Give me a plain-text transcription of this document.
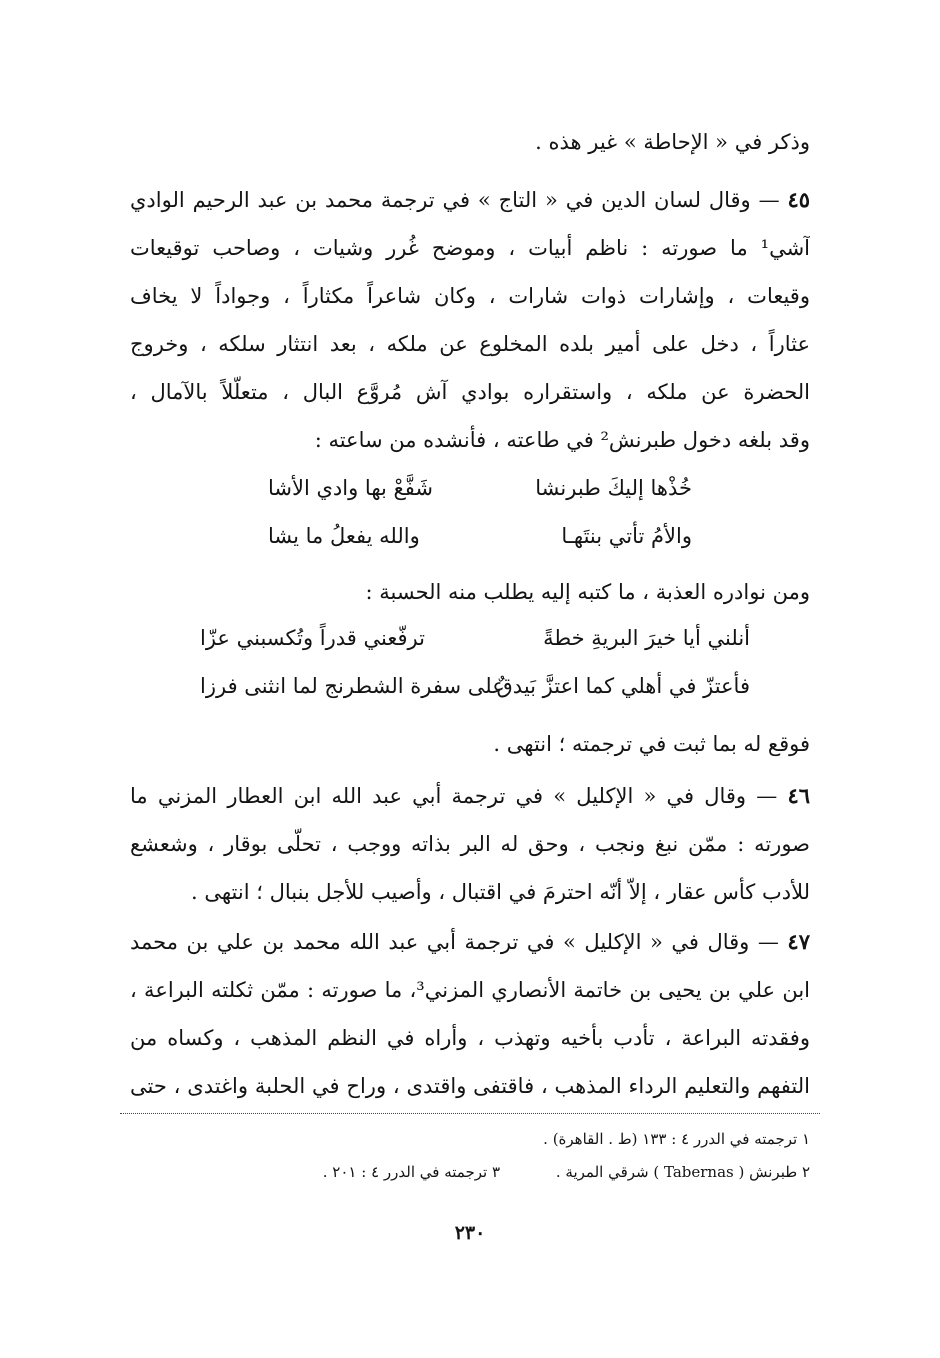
وذكر في « الإحاطة » غير هذه .
٤٥ — وقال لسان الدين في « التاج » في ترجمة محمد بن عبد الرحيم الوادي
آشي¹ ما صورته : ناظم أبيات ، وموضح غُرر وشيات ، وصاحب توقيعات
وقيعات ، وإشارات ذوات شارات ، وكان شاعراً مكثاراً ، وجواداً لا يخاف
عثاراً ، دخل على أمير بلده المخلوع عن ملكه ، بعد انتثار سلكه ، وخروج
الحضرة عن ملكه ، واستقراره بوادي آش مُروَّع البال ، متعلّلاً بالآمال ،
وقد بلغه دخول طبرنش² في طاعته ، فأنشده من ساعته :
خُذْها إليكَ طبرنشا
شَفَّعْ بها وادي الأشا
والأمُ تأتي بنتَهـا
والله يفعلُ ما يشا
ومن نوادره العذبة ، ما كتبه إليه يطلب منه الحسبة :
أنلني أيا خيرَ البريةِ خطةً
ترفّعني قدراً وتُكسبني عزّا
فأعتزّ في أهلي كما اعتزَّ بَيدقٌ
على سفرة الشطرنج لما انثنى فرزا
فوقع له بما ثبت في ترجمته ؛ انتهى .
٤٦ — وقال في « الإكليل » في ترجمة أبي عبد الله ابن العطار المزني ما
صورته : ممّن نبغ ونجب ، وحق له البر بذاته ووجب ، تحلّى بوقار ، وشعشع
للأدب كأس عقار ، إلاّ أنّه احترمَ في اقتبال ، وأصيب للأجل بنبال ؛ انتهى .
٤٧ — وقال في « الإكليل » في ترجمة أبي عبد الله محمد بن علي بن محمد
ابن علي بن يحيى بن خاتمة الأنصاري المزني³، ما صورته : ممّن ثكلته البراعة ،
وفقدته البراعة ، تأدب بأخيه وتهذب ، وأراه في النظم المذهب ، وكساه من
التفهم والتعليم الرداء المذهب ، فاقتفى واقتدى ، وراح في الحلبة واغتدى ، حتى
١ ترجمته في الدرر ٤ : ١٣٣ (ط . القاهرة) .
٢ طبرنش ( Tabernas ) شرقي المرية .
٣ ترجمته في الدرر ٤ : ٢٠١ .
٢٣٠
